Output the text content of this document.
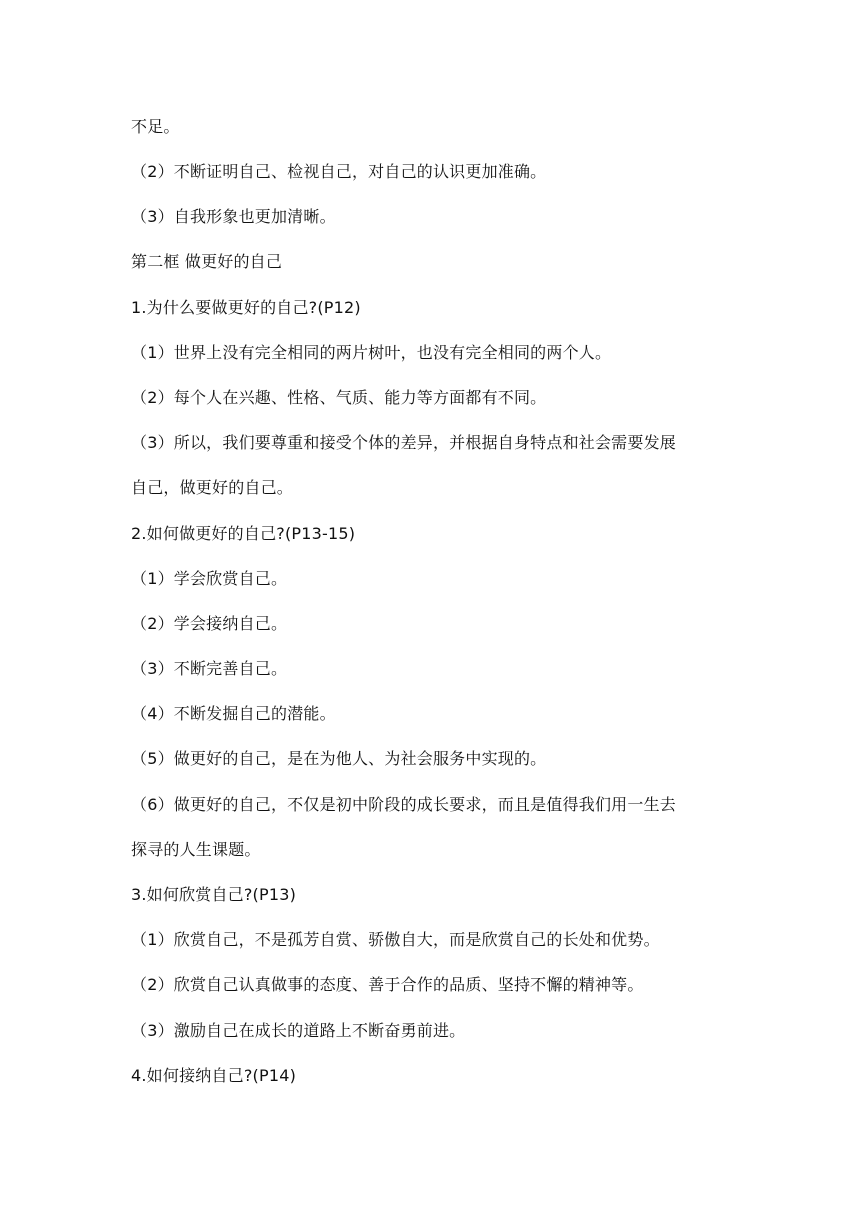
不足。
（2）不断证明自己、检视自己，对自己的认识更加准确。
（3）自我形象也更加清晰。
第二框 做更好的自己
1.为什么要做更好的自己?(P12)
（1）世界上没有完全相同的两片树叶，也没有完全相同的两个人。
（2）每个人在兴趣、性格、气质、能力等方面都有不同。
（3）所以，我们要尊重和接受个体的差异，并根据自身特点和社会需要发展
自己，做更好的自己。
2.如何做更好的自己?(P13-15)
（1）学会欣赏自己。
（2）学会接纳自己。
（3）不断完善自己。
（4）不断发掘自己的潜能。
（5）做更好的自己，是在为他人、为社会服务中实现的。
（6）做更好的自己，不仅是初中阶段的成长要求，而且是值得我们用一生去
探寻的人生课题。
3.如何欣赏自己?(P13)
（1）欣赏自己，不是孤芳自赏、骄傲自大，而是欣赏自己的长处和优势。
（2）欣赏自己认真做事的态度、善于合作的品质、坚持不懈的精神等。
（3）激励自己在成长的道路上不断奋勇前进。
4.如何接纳自己?(P14)
